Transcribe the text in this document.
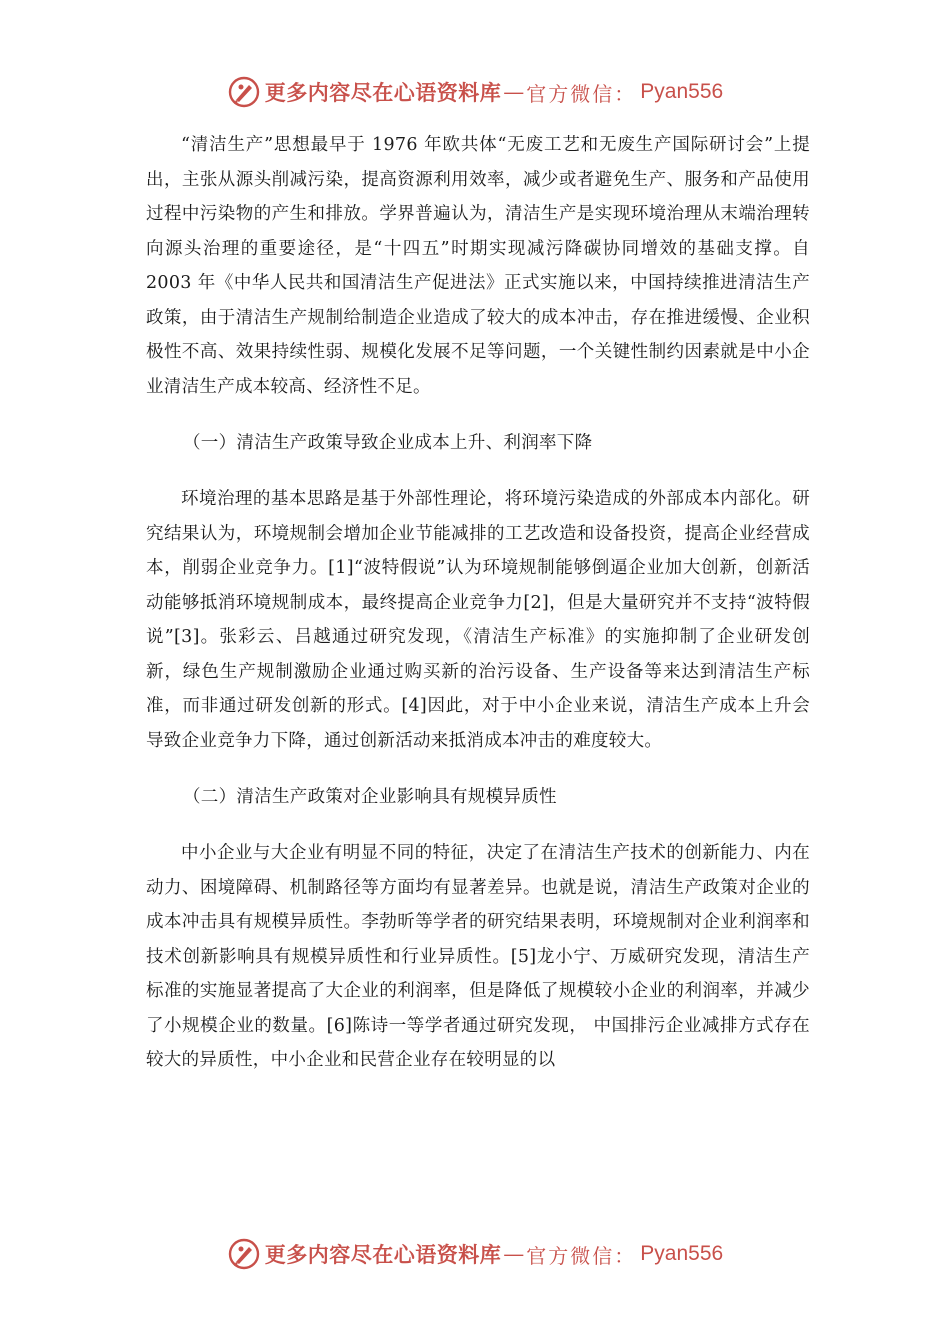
更多内容尽在心语资料库 — 官方微信： Pyan556

“清洁生产”思想最早于 1976 年欧共体“无废工艺和无废生产国际研讨会”上提出，主张从源头削减污染，提高资源利用效率，减少或者避免生产、服务和产品使用过程中污染物的产生和排放。学界普遍认为，清洁生产是实现环境治理从末端治理转向源头治理的重要途径，是“十四五”时期实现减污降碳协同增效的基础支撑。自 2003 年《中华人民共和国清洁生产促进法》正式实施以来，中国持续推进清洁生产政策，由于清洁生产规制给制造企业造成了较大的成本冲击，存在推进缓慢、企业积极性不高、效果持续性弱、规模化发展不足等问题，一个关键性制约因素就是中小企业清洁生产成本较高、经济性不足。

（一）清洁生产政策导致企业成本上升、利润率下降

环境治理的基本思路是基于外部性理论，将环境污染造成的外部成本内部化。研究结果认为，环境规制会增加企业节能减排的工艺改造和设备投资，提高企业经营成本，削弱企业竞争力。[1]“波特假说”认为环境规制能够倒逼企业加大创新，创新活动能够抵消环境规制成本，最终提高企业竞争力[2]，但是大量研究并不支持“波特假说”[3]。张彩云、吕越通过研究发现，《清洁生产标准》的实施抑制了企业研发创新，绿色生产规制激励企业通过购买新的治污设备、生产设备等来达到清洁生产标准，而非通过研发创新的形式。[4]因此，对于中小企业来说，清洁生产成本上升会导致企业竞争力下降，通过创新活动来抵消成本冲击的难度较大。

（二）清洁生产政策对企业影响具有规模异质性

中小企业与大企业有明显不同的特征，决定了在清洁生产技术的创新能力、内在动力、困境障碍、机制路径等方面均有显著差异。也就是说，清洁生产政策对企业的成本冲击具有规模异质性。李勃昕等学者的研究结果表明，环境规制对企业利润率和技术创新影响具有规模异质性和行业异质性。[5]龙小宁、万威研究发现，清洁生产标准的实施显著提高了大企业的利润率，但是降低了规模较小企业的利润率，并减少了小规模企业的数量。[6]陈诗一等学者通过研究发现， 中国排污企业减排方式存在较大的异质性，中小企业和民营企业存在较明显的以

更多内容尽在心语资料库 — 官方微信： Pyan556
